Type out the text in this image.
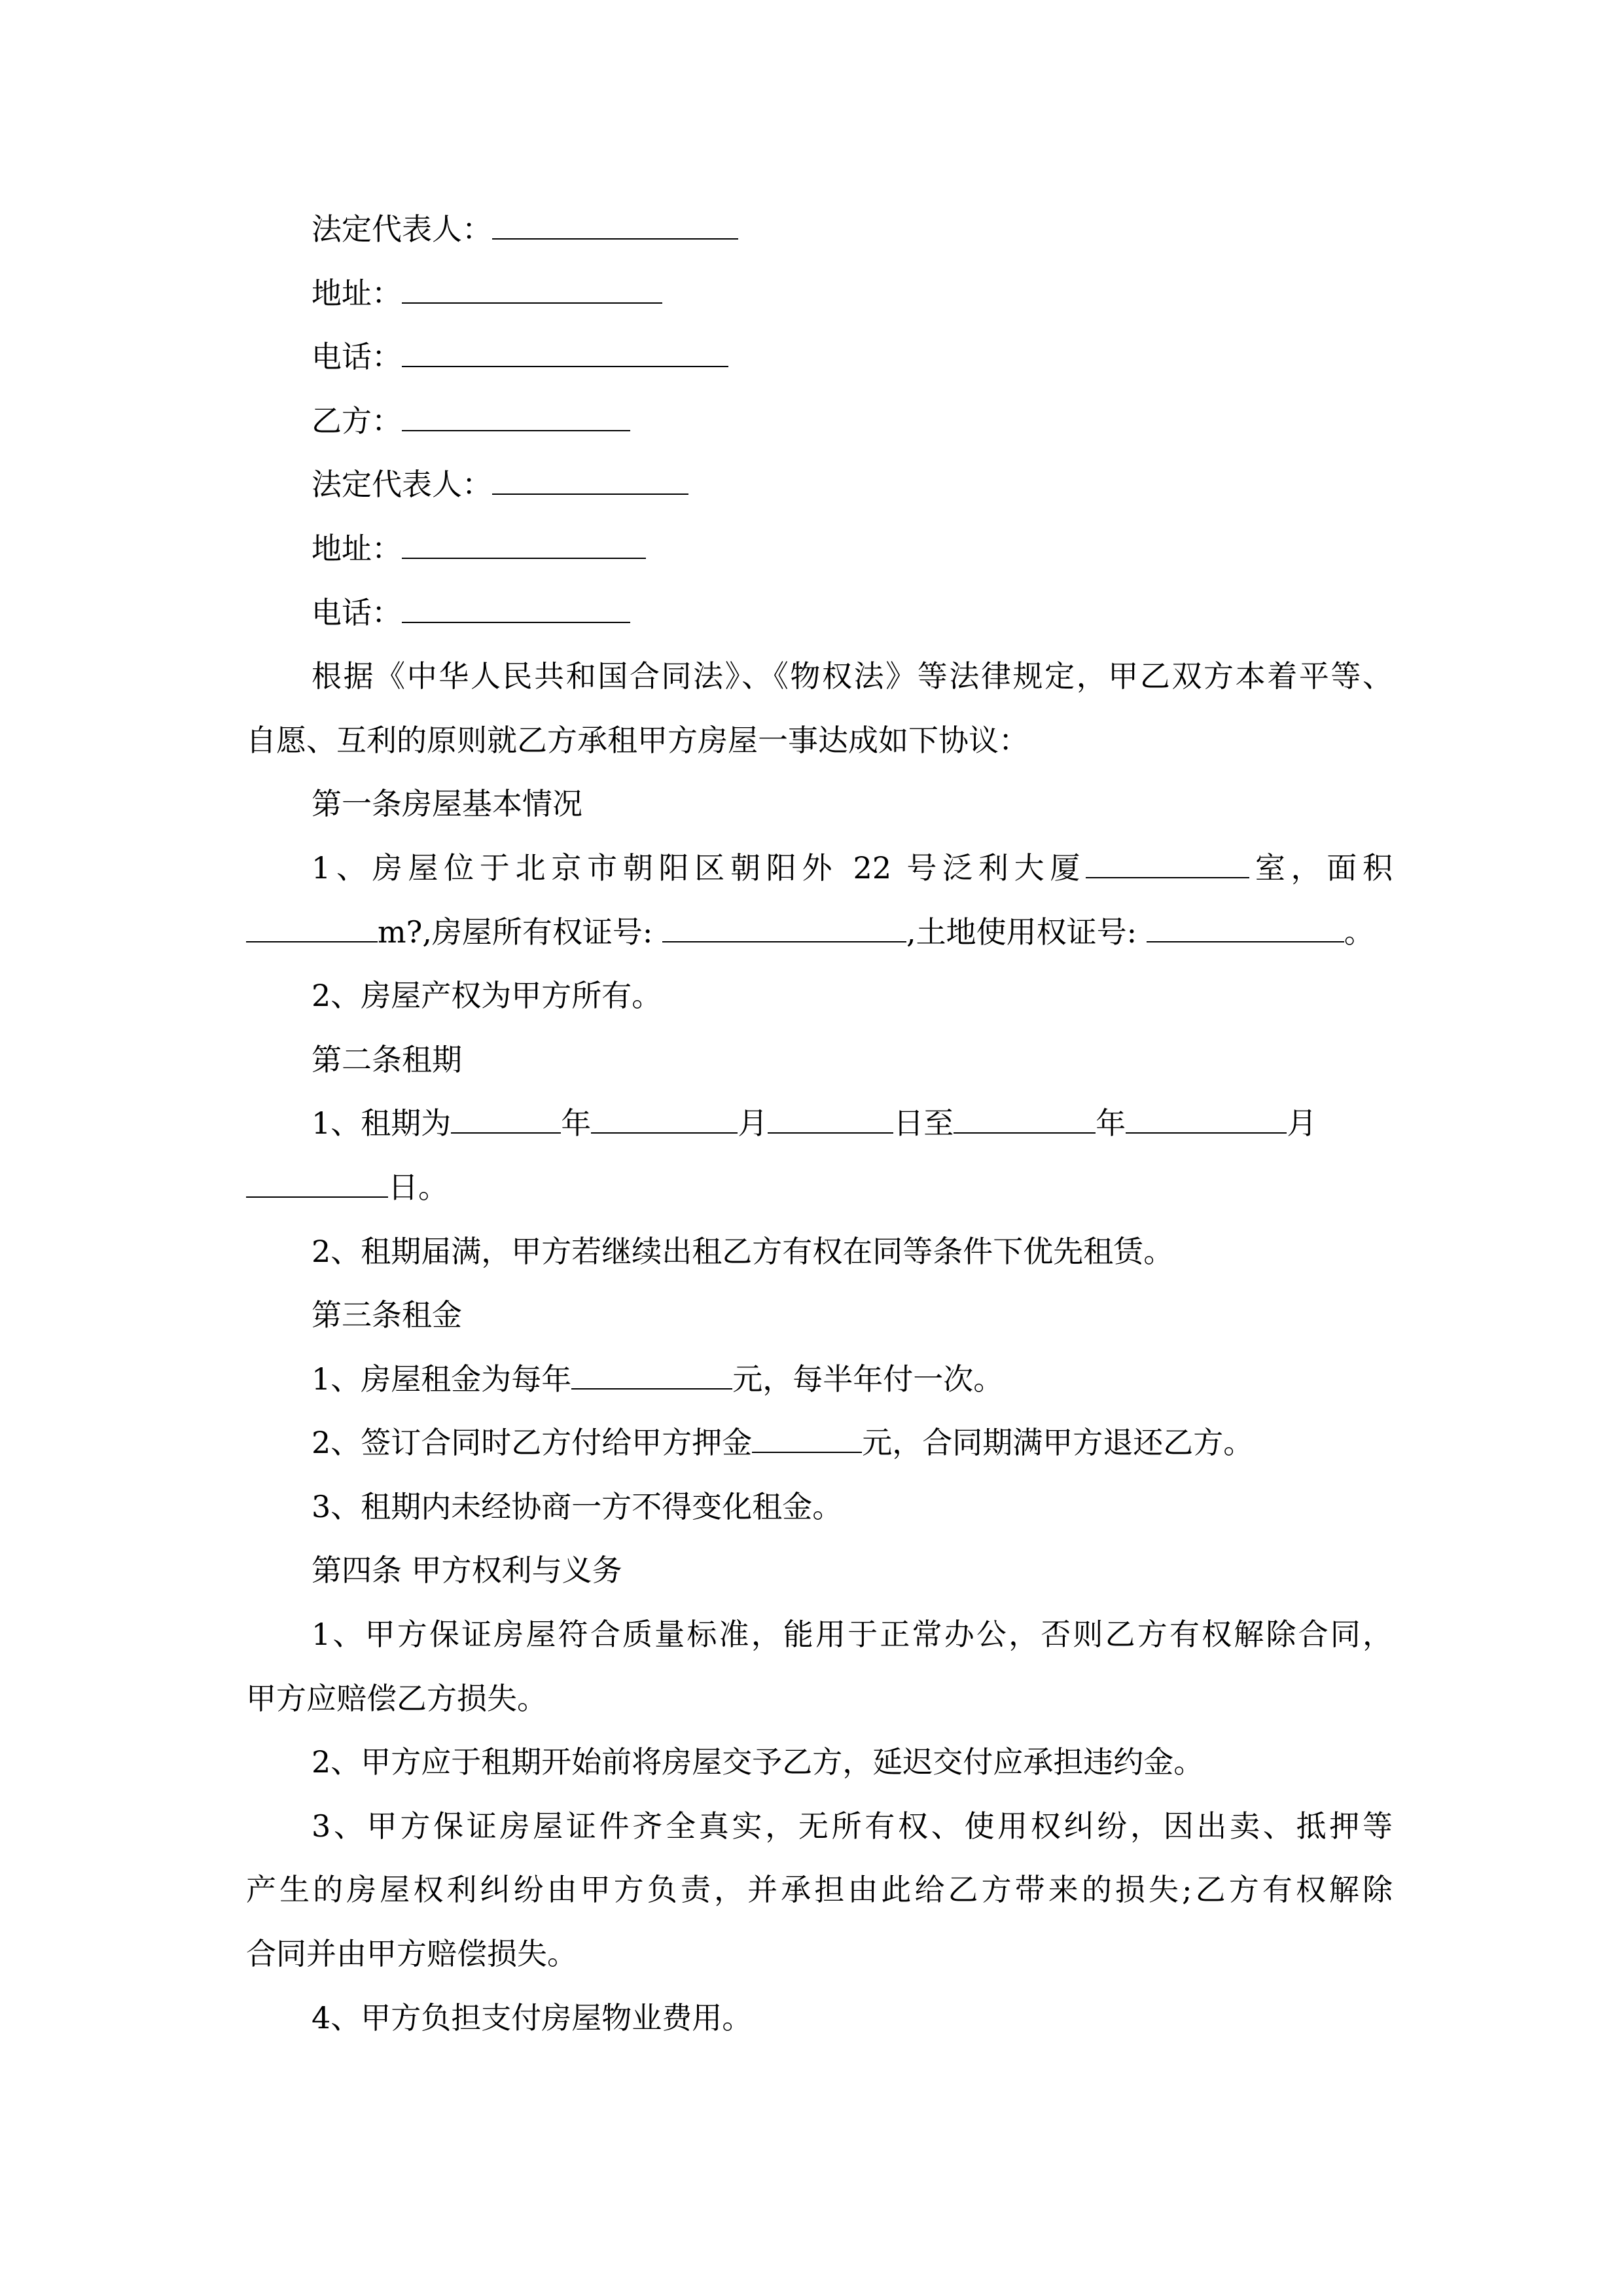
法定代表人：
地址：
电话：
乙方：
法定代表人：
地址：
电话：
根据《中华人民共和国合同法》、《物权法》等法律规定，甲乙双方本着平等、
自愿、互利的原则就乙方承租甲方房屋一事达成如下协议：
第一条房屋基本情况
1、房屋位于北京市朝阳区朝阳外 22 号泛利大厦	室，面积
m?,房屋所有权证号:	,土地使用权证号:	。
2、房屋产权为甲方所有。
第二条租期
1、租期为	年	月	日至	年	月
日。
2、租期届满，甲方若继续出租乙方有权在同等条件下优先租赁。
第三条租金
1、房屋租金为每年	元，每半年付一次。
2、签订合同时乙方付给甲方押金	元，合同期满甲方退还乙方。
3、租期内未经协商一方不得变化租金。
第四条 甲方权利与义务
1、甲方保证房屋符合质量标准，能用于正常办公，否则乙方有权解除合同，
甲方应赔偿乙方损失。
2、甲方应于租期开始前将房屋交予乙方，延迟交付应承担违约金。
3、甲方保证房屋证件齐全真实，无所有权、使用权纠纷，因出卖、抵押等
产生的房屋权利纠纷由甲方负责，并承担由此给乙方带来的损失;乙方有权解除
合同并由甲方赔偿损失。
4、甲方负担支付房屋物业费用。
